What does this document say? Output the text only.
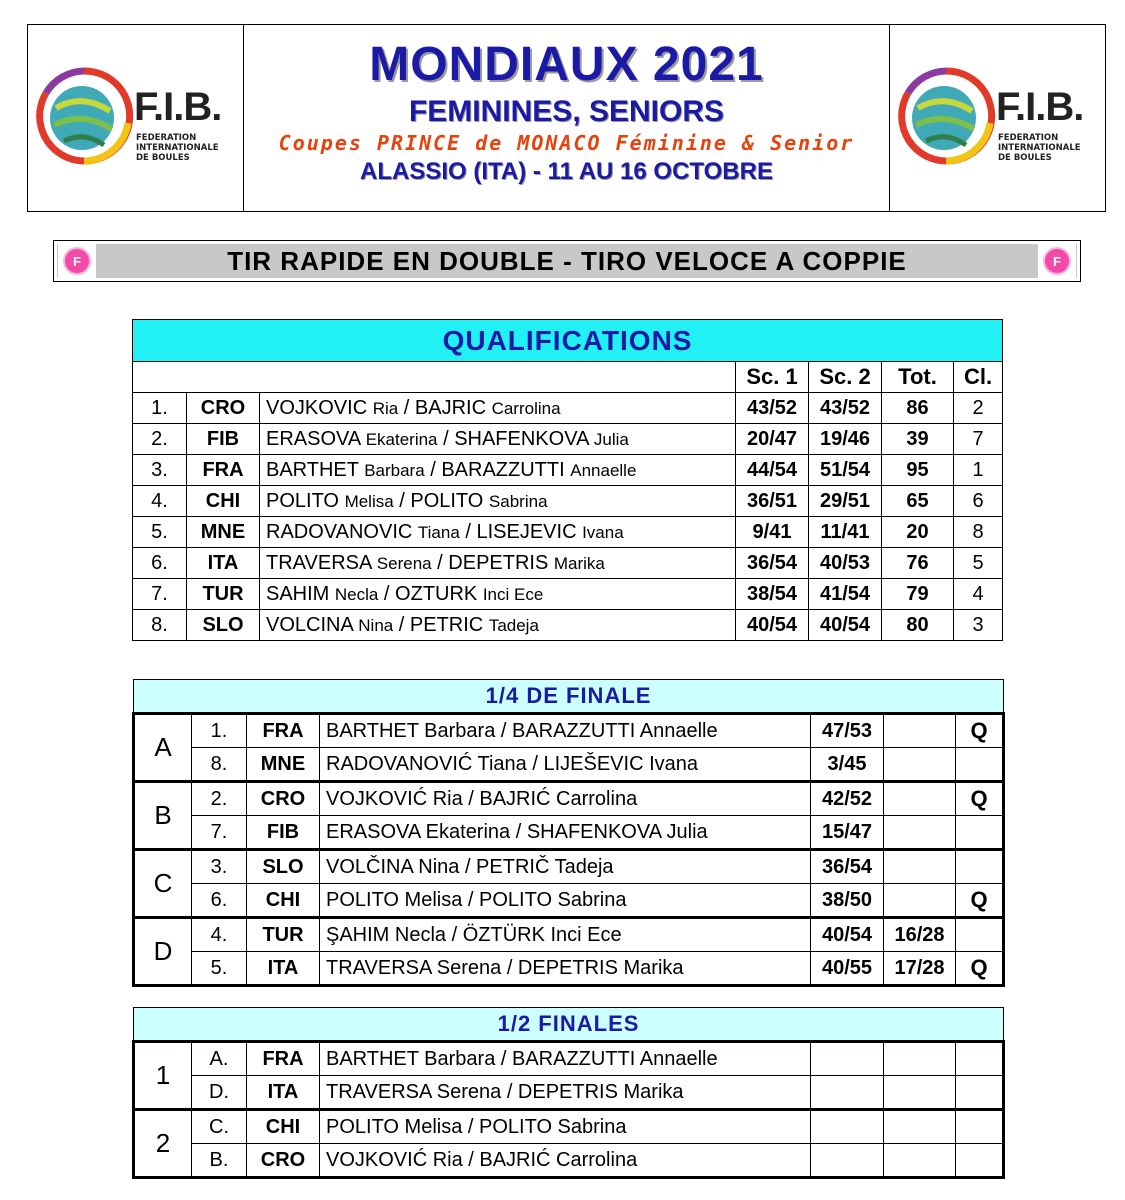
F.I.B.
FEDERATION
INTERNATIONALE
DE BOULES
MONDIAUX 2021
FEMININES, SENIORS
Coupes PRINCE de MONACO Féminine & Senior
ALASSIO (ITA) - 11 AU 16 OCTOBRE
F.I.B.
FEDERATION
INTERNATIONALE
DE BOULES
F	TIR RAPIDE EN DOUBLE - TIRO VELOCE A COPPIE	F
QUALIFICATIONS						
			Sc. 1	Sc. 2	Tot.	Cl.
1.	CRO	VOJKOVIC Ria / BAJRIC Carrolina	43/52	43/52	86	2
2.	FIB	ERASOVA Ekaterina / SHAFENKOVA Julia	20/47	19/46	39	7
3.	FRA	BARTHET Barbara / BARAZZUTTI Annaelle	44/54	51/54	95	1
4.	CHI	POLITO Melisa / POLITO Sabrina	36/51	29/51	65	6
5.	MNE	RADOVANOVIC Tiana / LISEJEVIC Ivana	9/41	11/41	20	8
6.	ITA	TRAVERSA Serena / DEPETRIS Marika	36/54	40/53	76	5
7.	TUR	SAHIM Necla / OZTURK Inci Ece	38/54	41/54	79	4
8.	SLO	VOLCINA Nina / PETRIC Tadeja	40/54	40/54	80	3
1/4 DE FINALE						
A	1.	FRA	BARTHET Barbara / BARAZZUTTI Annaelle	47/53		Q
	8.	MNE	RADOVANOVIĆ Tiana / LIJEŠEVIC Ivana	3/45		
B	2.	CRO	VOJKOVIĆ Ria / BAJRIĆ Carrolina	42/52		Q
	7.	FIB	ERASOVA Ekaterina / SHAFENKOVA Julia	15/47		
C	3.	SLO	VOLČINA Nina / PETRIČ Tadeja	36/54		
	6.	CHI	POLITO Melisa / POLITO Sabrina	38/50		Q
D	4.	TUR	ŞAHIM Necla / ÖZTÜRK Inci Ece	40/54	16/28	
	5.	ITA	TRAVERSA Serena / DEPETRIS Marika	40/55	17/28	Q
1/2 FINALES						
1	A.	FRA	BARTHET Barbara / BARAZZUTTI Annaelle			
	D.	ITA	TRAVERSA Serena / DEPETRIS Marika			
2	C.	CHI	POLITO Melisa / POLITO Sabrina			
	B.	CRO	VOJKOVIĆ Ria / BAJRIĆ Carrolina			
